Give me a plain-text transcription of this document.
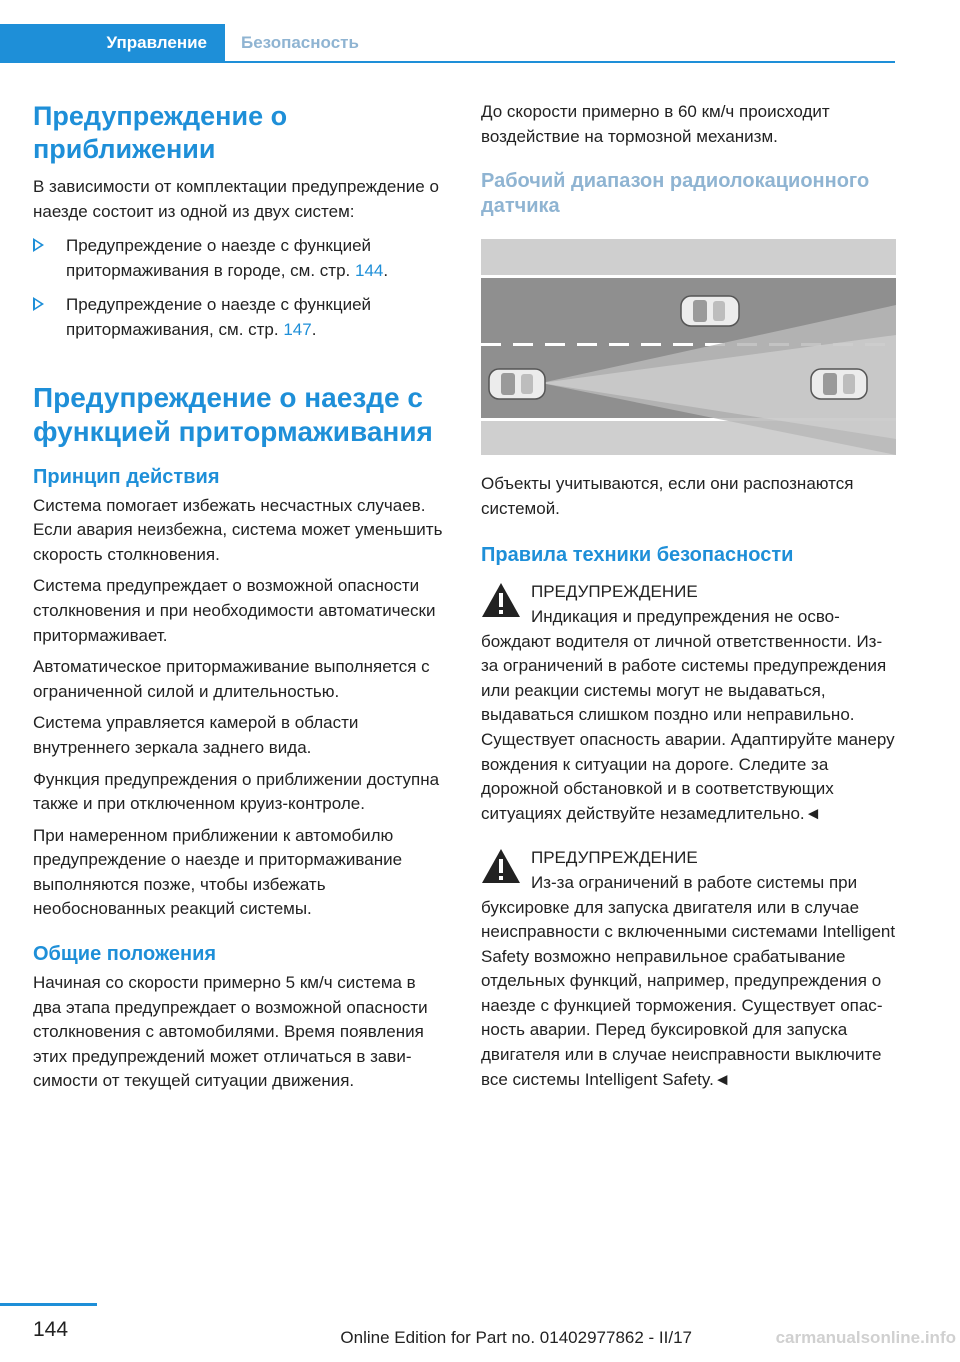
Управление	Безопасность
Предупреждение о приближении

В зависимости от комплектации предупреждение о наезде состоит из одной из двух систем:

Предупреждение о наезде с функцией притормаживания в городе, см. стр. 144.

Предупреждение о наезде с функцией притормаживания, см. стр. 147.

Предупреждение о наезде с функцией притормаживания
Принцип действия

Система помогает избежать несчастных случаев. Если авария неизбежна, система может уменьшить скорость столкновения.

Система предупреждает о возможной опасности столкновения и при необходимости автоматически притормаживает.

Автоматическое притормаживание выполняется с ограниченной силой и длительностью.

Система управляется камерой в области внутреннего зеркала заднего вида.

Функция предупреждения о приближении доступна также и при отключенном круиз-контроле.

При намеренном приближении к автомобилю предупреждение о наезде и притормаживание выполняются позже, чтобы избежать необоснованных реакций системы.

Общие положения

Начиная со скорости примерно 5 км/ч система в два этапа предупреждает о возможной опасности столкновения с автомобилями. Время появления этих предупреждений может отличаться в зависимости от текущей ситуации движения.

До скорости примерно в 60 км/ч происходит воздействие на тормозной механизм.

Рабочий диапазон радиолокационного датчика

Объекты учитываются, если они распознаются системой.

Правила техники безопасности

ПРЕДУПРЕЖДЕНИЕ

Индикация и предупреждения не освобождают водителя от личной ответственности. Из-за ограничений в работе системы предупреждения или реакции системы могут не выдаваться, выдаваться слишком поздно или неправильно. Существует опасность аварии. Адаптируйте манеру вождения к ситуации на дороге. Следите за дорожной обстановкой и в соответствующих ситуациях действуйте незамедлительно.◄

ПРЕДУПРЕЖДЕНИЕ

Из-за ограничений в работе системы при буксировке для запуска двигателя или в случае неисправности с включенными системами Intelligent Safety возможно неправильное срабатывание отдельных функций, например, предупреждения о наезде с функцией торможения. Существует опасность аварии. Перед буксировкой для запуска двигателя или в случае неисправности выключите все системы Intelligent Safety.◄

144	Online Edition for Part no. 01402977862 - II/17	carmanualsonline.info
